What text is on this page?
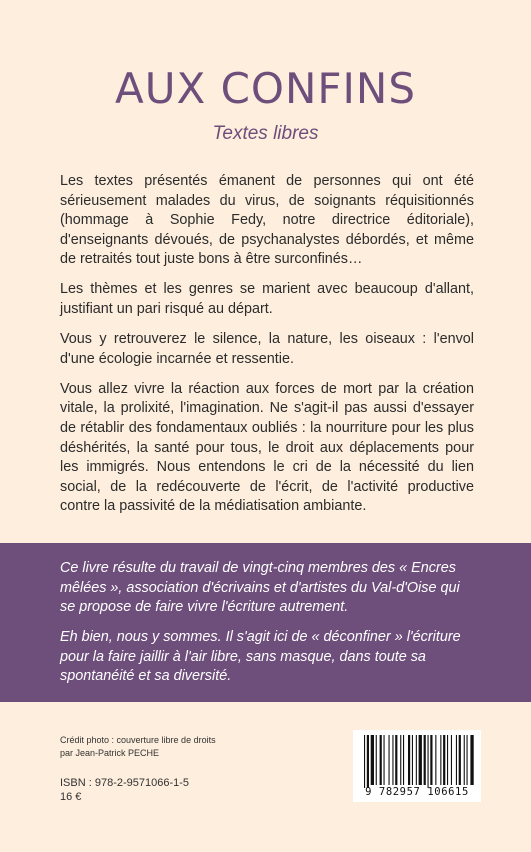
AUX CONFINS
Textes libres

Les textes présentés émanent de personnes qui ont été sérieusement malades du virus, de soignants réquisitionnés (hommage à Sophie Fedy, notre directrice éditoriale), d'enseignants dévoués, de psychanalystes débordés, et même de retraités tout juste bons à être surconfinés…

Les thèmes et les genres se marient avec beaucoup d'allant, justifiant un pari risqué au départ.

Vous y retrouverez le silence, la nature, les oiseaux : l'envol d'une écologie incarnée et ressentie.

Vous allez vivre la réaction aux forces de mort par la création vitale, la prolixité, l'imagination. Ne s'agit-il pas aussi d'essayer de rétablir des fondamentaux oubliés : la nourriture pour les plus déshérités, la santé pour tous, le droit aux déplacements pour les immigrés. Nous entendons le cri de la nécessité du lien social, de la redécouverte de l'écrit, de l'activité productive contre la passivité de la médiatisation ambiante.

Ce livre résulte du travail de vingt-cinq membres des « Encres mêlées », association d'écrivains et d'artistes du Val-d'Oise qui se propose de faire vivre l'écriture autrement.

Eh bien, nous y sommes. Il s'agit ici de « déconfiner » l'écriture pour la faire jaillir à l'air libre, sans masque, dans toute sa spontanéité et sa diversité.

Crédit photo : couverture libre de droits
par Jean-Patrick PECHE
ISBN : 978-2-9571066-1-5
16 €	9 782957 106615
